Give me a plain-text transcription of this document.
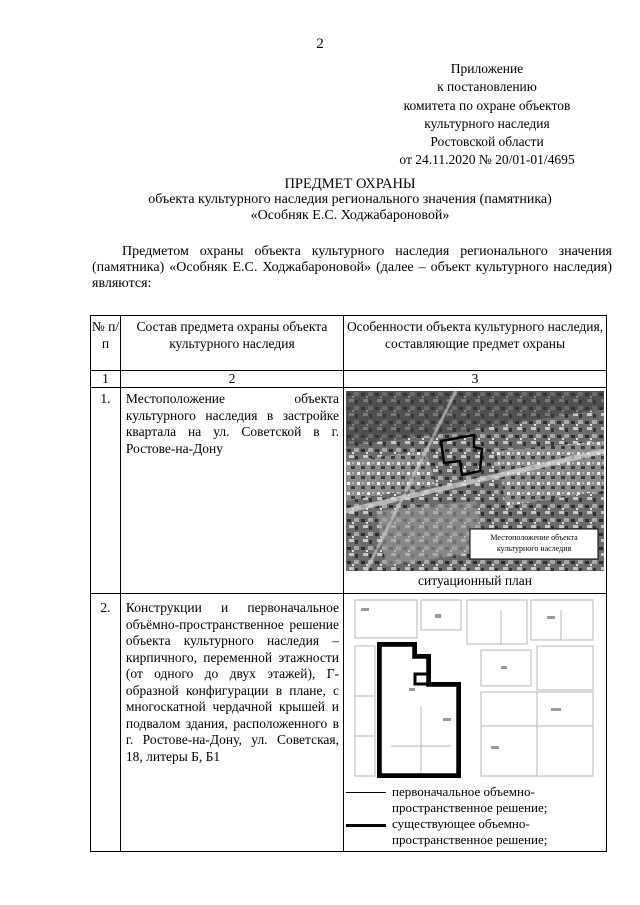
2
Приложение
к постановлению
комитета по охране объектов
культурного наследия
Ростовской области
от 24.11.2020 № 20/01-01/4695
ПРЕДМЕТ ОХРАНЫ
объекта культурного наследия регионального значения (памятника)
«Особняк Е.С. Ходжабароновой»

Предметом охраны объекта культурного наследия регионального значения (памятника) «Особняк Е.С. Ходжабароновой» (далее – объект культурного наследия) являются:

№ п/п	Состав предмета охраны объекта культурного наследия	Особенности объекта культурного наследия, составляющие предмет охраны
1	2	3
1.	Местоположение объекта культурного наследия в застройке квартала на ул. Советской в г. Ростове-на-Дону	Местоположение объекта культурного наследия
ситуационный план

2.	Конструкции и первоначальное объёмно-пространственное решение объекта культурного наследия – кирпичного, переменной этажности (от одного до двух этажей), Г-образной конфигурации в плане, с многоскатной чердачной крышей и подвалом здания, расположенного в г. Ростове-на-Дону, ул. Советская, 18, литеры Б, Б1	первоначальное объемно-пространственное решение;
существующее объемно-пространственное решение;
